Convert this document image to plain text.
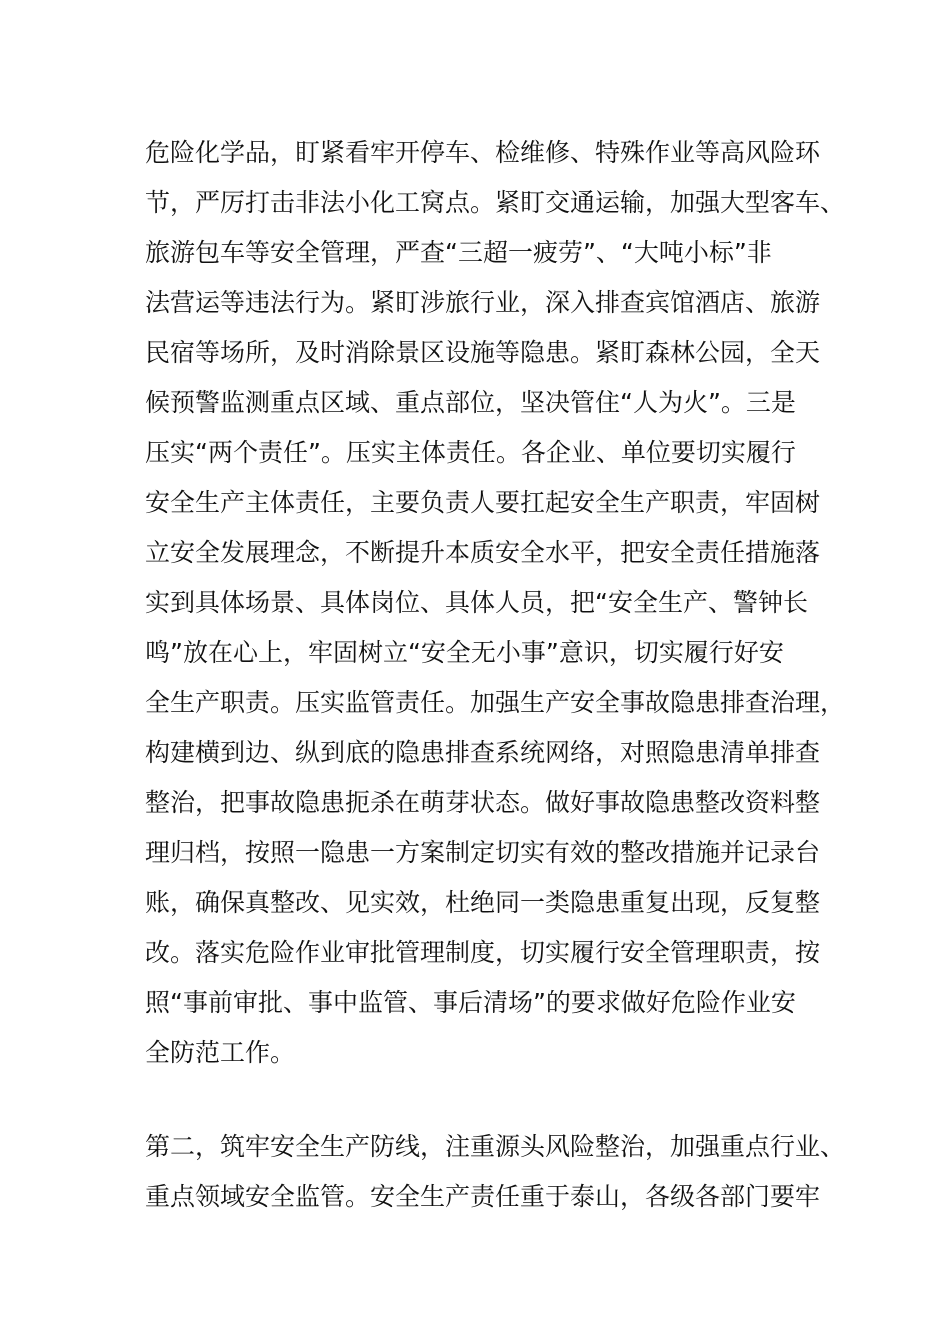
危险化学品，盯紧看牢开停车、检维修、特殊作业等高风险环
节，严厉打击非法小化工窝点。紧盯交通运输，加强大型客车、
旅游包车等安全管理，严查“三超一疲劳”、“大吨小标”非
法营运等违法行为。紧盯涉旅行业，深入排查宾馆酒店、旅游
民宿等场所，及时消除景区设施等隐患。紧盯森林公园，全天
候预警监测重点区域、重点部位，坚决管住“人为火”。三是
压实“两个责任”。压实主体责任。各企业、单位要切实履行
安全生产主体责任，主要负责人要扛起安全生产职责，牢固树
立安全发展理念，不断提升本质安全水平，把安全责任措施落
实到具体场景、具体岗位、具体人员，把“安全生产、警钟长
鸣”放在心上，牢固树立“安全无小事”意识，切实履行好安
全生产职责。压实监管责任。加强生产安全事故隐患排查治理，
构建横到边、纵到底的隐患排查系统网络，对照隐患清单排查
整治，把事故隐患扼杀在萌芽状态。做好事故隐患整改资料整
理归档，按照一隐患一方案制定切实有效的整改措施并记录台
账，确保真整改、见实效，杜绝同一类隐患重复出现，反复整
改。落实危险作业审批管理制度，切实履行安全管理职责，按
照“事前审批、事中监管、事后清场”的要求做好危险作业安
全防范工作。

第二，筑牢安全生产防线，注重源头风险整治，加强重点行业、
重点领域安全监管。安全生产责任重于泰山，各级各部门要牢
